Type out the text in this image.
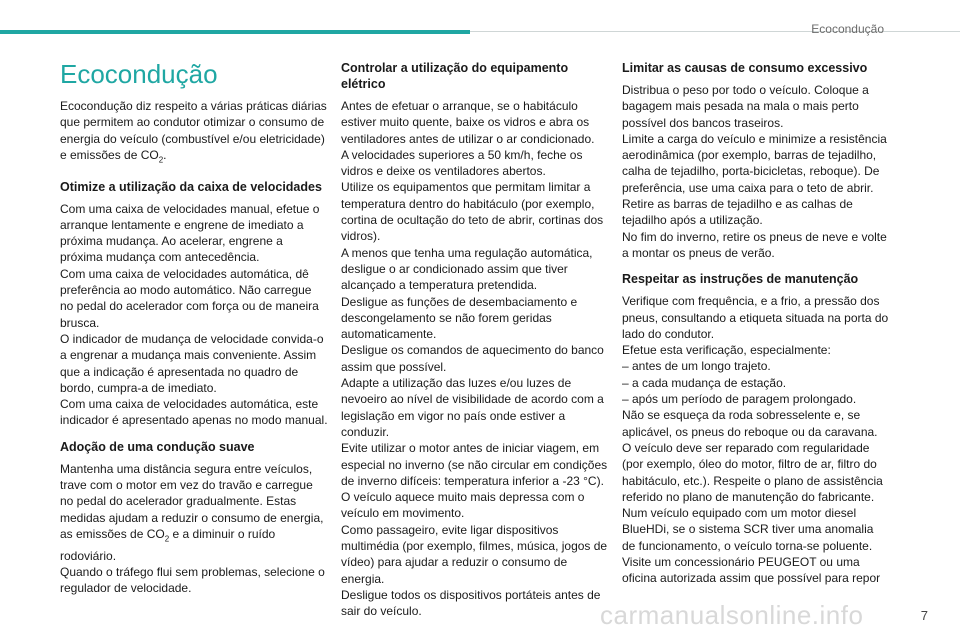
Ecocondução
Ecocondução

Ecocondução diz respeito a várias práticas diárias que permitem ao condutor otimizar o consumo de energia do veículo (combustível e/ou eletricidade) e emissões de $CO_2$.

Otimize a utilização da caixa de velocidades

Com uma caixa de velocidades manual, efetue o arranque lentamente e engrene de imediato a próxima mudança. Ao acelerar, engrene a próxima mudança com antecedência.

Com uma caixa de velocidades automática, dê preferência ao modo automático. Não carregue no pedal do acelerador com força ou de maneira brusca.

O indicador de mudança de velocidade convida-o a engrenar a mudança mais conveniente. Assim que a indicação é apresentada no quadro de bordo, cumpra-a de imediato.

Com uma caixa de velocidades automática, este indicador é apresentado apenas no modo manual.

Adoção de uma condução suave

Mantenha uma distância segura entre veículos, trave com o motor em vez do travão e carregue no pedal do acelerador gradualmente. Estas medidas ajudam a reduzir o consumo de energia, as emissões de $CO_2$ e a diminuir o ruído rodoviário.

Quando o tráfego flui sem problemas, selecione o regulador de velocidade.

Controlar a utilização do equipamento elétrico

Antes de efetuar o arranque, se o habitáculo estiver muito quente, baixe os vidros e abra os ventiladores antes de utilizar o ar condicionado.

A velocidades superiores a 50 km/h, feche os vidros e deixe os ventiladores abertos.

Utilize os equipamentos que permitam limitar a temperatura dentro do habitáculo (por exemplo, cortina de ocultação do teto de abrir, cortinas dos vidros).

A menos que tenha uma regulação automática, desligue o ar condicionado assim que tiver alcançado a temperatura pretendida.

Desligue as funções de desembaciamento e descongelamento se não forem geridas automaticamente.

Desligue os comandos de aquecimento do banco assim que possível.

Adapte a utilização das luzes e/ou luzes de nevoeiro ao nível de visibilidade de acordo com a legislação em vigor no país onde estiver a conduzir.

Evite utilizar o motor antes de iniciar viagem, em especial no inverno (se não circular em condições de inverno difíceis: temperatura inferior a -23 °C). O veículo aquece muito mais depressa com o veículo em movimento.

Como passageiro, evite ligar dispositivos multimédia (por exemplo, filmes, música, jogos de vídeo) para ajudar a reduzir o consumo de energia.

Desligue todos os dispositivos portáteis antes de sair do veículo.

Limitar as causas de consumo excessivo

Distribua o peso por todo o veículo. Coloque a bagagem mais pesada na mala o mais perto possível dos bancos traseiros.

Limite a carga do veículo e minimize a resistência aerodinâmica (por exemplo, barras de tejadilho, calha de tejadilho, porta-bicicletas, reboque). De preferência, use uma caixa para o teto de abrir.

Retire as barras de tejadilho e as calhas de tejadilho após a utilização.

No fim do inverno, retire os pneus de neve e volte a montar os pneus de verão.

Respeitar as instruções de manutenção

Verifique com frequência, e a frio, a pressão dos pneus, consultando a etiqueta situada na porta do lado do condutor.

Efetue esta verificação, especialmente:

– antes de um longo trajeto.

– a cada mudança de estação.

– após um período de paragem prolongado.

Não se esqueça da roda sobresselente e, se aplicável, os pneus do reboque ou da caravana.

O veículo deve ser reparado com regularidade (por exemplo, óleo do motor, filtro de ar, filtro do habitáculo, etc.). Respeite o plano de assistência referido no plano de manutenção do fabricante.

Num veículo equipado com um motor diesel BlueHDi, se o sistema SCR tiver uma anomalia de funcionamento, o veículo torna-se poluente. Visite um concessionário PEUGEOT ou uma oficina autorizada assim que possível para repor

carmanualsonline.info	7
